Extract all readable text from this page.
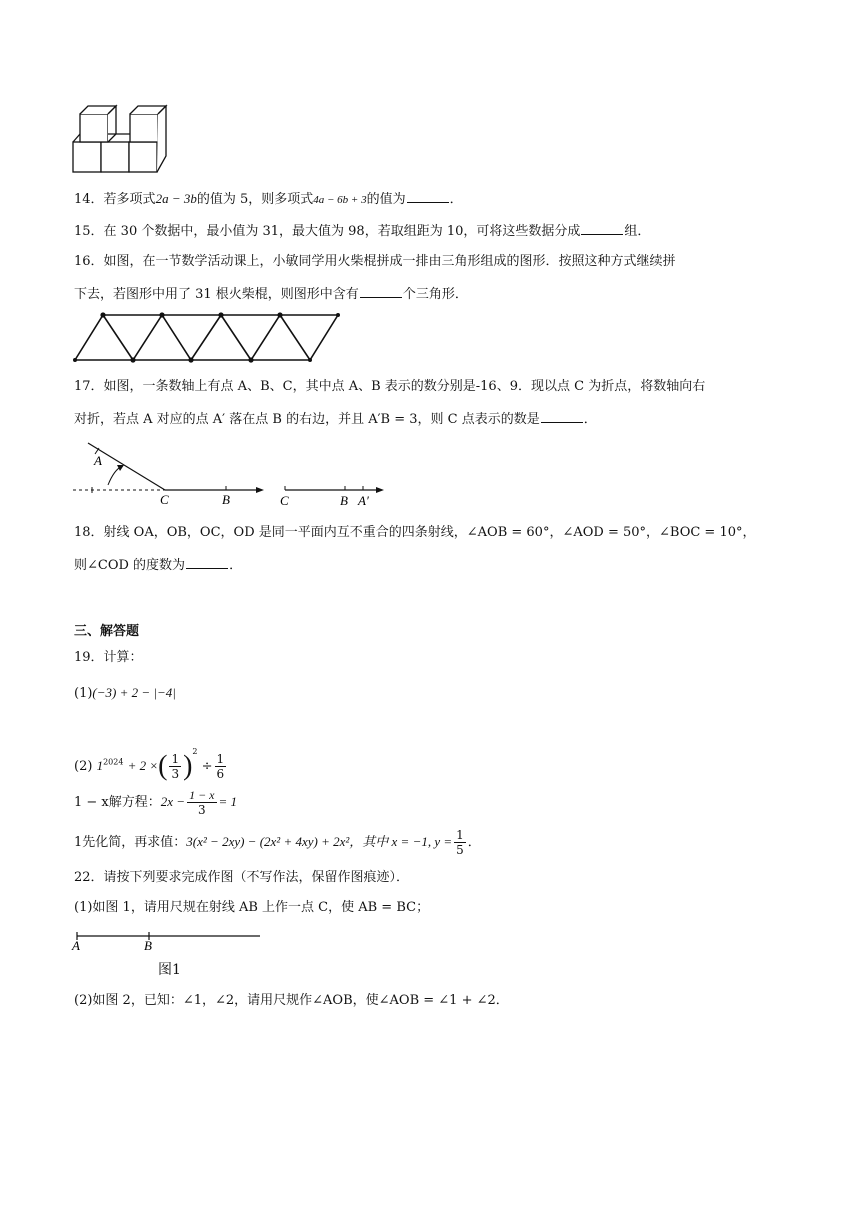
14．若多项式2a − 3b的值为 5，则多项式4a − 6b + 3的值为	．
15．在 30 个数据中，最小值为 31，最大值为 98，若取组距为 10，可将这些数据分成	组．
16．如图，在一节数学活动课上，小敏同学用火柴棍拼成一排由三角形组成的图形．按照这种方式继续拼
下去，若图形中用了 31 根火柴棍，则图形中含有	个三角形．
17．如图，一条数轴上有点 A、B、C，其中点 A、B 表示的数分别是-16、9．现以点 C 为折点，将数轴向右
对折，若点 A 对应的点 A′ 落在点 B 的右边，并且 A′B = 3，则 C 点表示的数是	．
A
C	B	C	B A′
18．射线 OA，OB，OC，OD 是同一平面内互不重合的四条射线，∠AOB = 60°，∠AOD = 50°，∠BOC = 10°，
则∠COD 的度数为	．
三、解答题
19．计算：
(1)(−3) + 2 − |−4|
(2) $1^{2024} + 2$ ×( $\frac{1}{3} )^2 \div \frac{1}{6}$
1 − x解方程：$2x - \frac{1 - x}{3} = 1$
1先化简，再求值：3(x² − 2xy) − (2x² + 4xy) + 2x²，其中 x = −1, $y = \frac{1}{5}$ ．
22．请按下列要求完成作图（不写作法，保留作图痕迹）．
(1)如图 1，请用尺规在射线 AB 上作一点 C，使 AB = BC；
A	B
图1
(2)如图 2，已知：∠1，∠2，请用尺规作∠AOB，使∠AOB = ∠1 + ∠2．
